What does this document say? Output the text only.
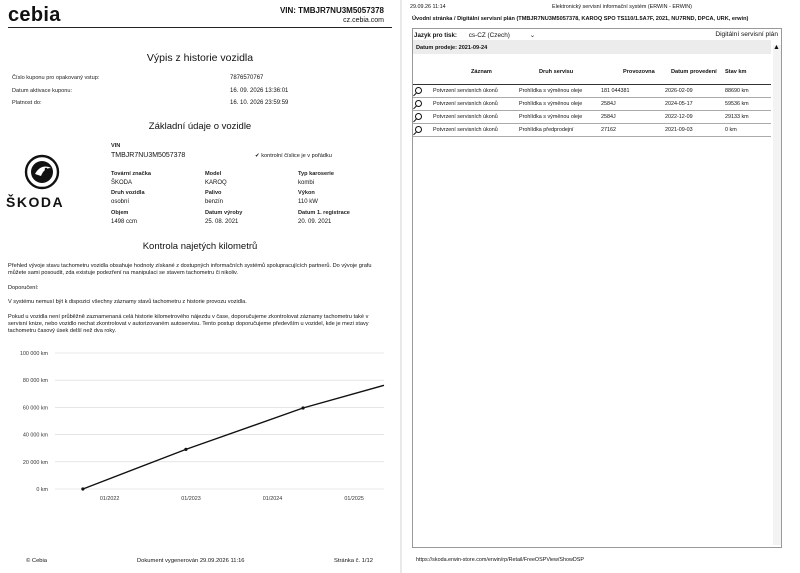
cebia	VIN: TMBJR7NU3M5057378
cz.cebia.com
Výpis z historie vozidla
Číslo kuponu pro opakovaný vstup:	7876570767
Datum aktivace kuponu:	16. 09. 2026 13:36:01
Platnost do:	16. 10. 2026 23:59:59
Základní údaje o vozidle
ŠKODA
VIN
TMBJR7NU3M5057378	✔ kontrolní číslice je v pořádku
Tovární značka
ŠKODA
Model
KAROQ
Typ karoserie
kombi
Druh vozidla
osobní
Palivo
benzín
Výkon
110 kW
Objem
1498 ccm
Datum výroby
25. 08. 2021
Datum 1. registrace
20. 09. 2021
Kontrola najetých kilometrů
Přehled vývoje stavu tachometru vozidla obsahuje hodnoty získané z dostupných informačních systémů spolupracujících partnerů. Do vývoje grafu můžete sami posoudit, zda existuje podezření na manipulaci se stavem tachometru či nikoliv.
Doporučení:
V systému nemusí být k dispozici všechny záznamy stavů tachometru z historie provozu vozidla.
Pokud u vozidla není průběžně zaznamenaná celá historie kilometrového nájezdu v čase, doporučujeme zkontrolovat záznamy tachometru také v servisní knize, nebo vozidlo nechat zkontrolovat v autorizovaném autoservisu. Tento postup doporučujeme především u vozidel, kde je mezi stavy tachometru časový úsek delší než dva roky.
100 000 km
80 000 km
60 000 km
40 000 km
20 000 km
0 km
01/2022	01/2023	01/2024	01/2025
© Cebia	Dokument vygenerován 29.09.2026 11:16	Stránka č. 1/12
29.09.26 11:14	Elektronický servisní informační systém (ERWIN - ERWIN)
Úvodní stránka / Digitální servisní plán (TMBJR7NU3M5057378, KAROQ SPO TS110/1.5A7F, 2021, NU7RND, DPCA, URK, erwin)
Jazyk pro tisk: cs-CZ (Czech)	⌄	Digitální servisní plán
Datum prodeje: 2021-09-24
	Záznam	Druh servisu	Provozovna	Datum provedení	Stav km
	Potvrzení servisních úkonů	Prohlídka s výměnou oleje	181 044381	2026-02-09	88690 km
	Potvrzení servisních úkonů	Prohlídka s výměnou oleje	2584J	2024-05-17	59536 km
	Potvrzení servisních úkonů	Prohlídka s výměnou oleje	2584J	2022-12-09	29133 km
	Potvrzení servisních úkonů	Prohlídka předprodejní	27162	2021-09-03	0 km
▲
https://skoda.erwin-store.com/erwin/rp/Retail/FreeOSPView/ShowDSP
